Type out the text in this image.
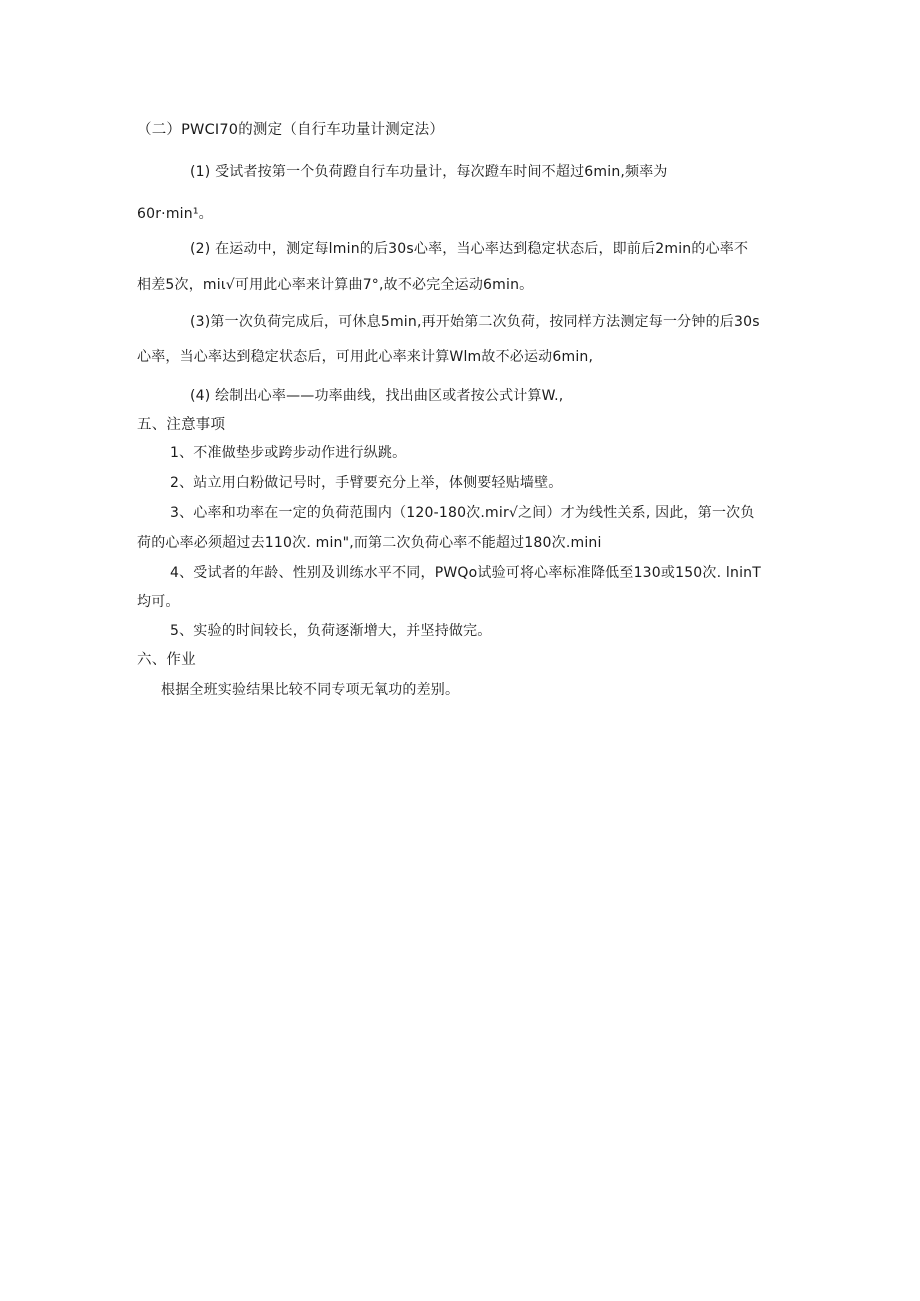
（二）PWCI70的测定（自行车功量计测定法）

(1) 受试者按第一个负荷蹬自行车功量计，每次蹬车时间不超过6min,频率为

60r·min¹。

(2) 在运动中，测定每lmin的后30s心率，当心率达到稳定状态后，即前后2min的心率不

相差5次，miι√可用此心率来计算曲7°,故不必完全运动6min。

(3)第一次负荷完成后，可休息5min,再开始第二次负荷，按同样方法测定每一分钟的后30s

心率，当心率达到稳定状态后，可用此心率来计算Wlm故不必运动6min,

(4) 绘制出心率——功率曲线，找出曲区或者按公式计算W.,

五、注意事项

1、不准做垫步或跨步动作进行纵跳。

2、站立用白粉做记号时，手臂要充分上举，体侧要轻贴墙壁。

3、心率和功率在一定的负荷范围内（120-180次.mir√之间）才为线性关系, 因此，第一次负

荷的心率必须超过去110次. min",而第二次负荷心率不能超过180次.mini

4、受试者的年龄、性别及训练水平不同，PWQo试验可将心率标准降低至130或150次. lninT

均可。

5、实验的时间较长，负荷逐渐增大，并坚持做完。

六、作业

根据全班实验结果比较不同专项无氧功的差别。
